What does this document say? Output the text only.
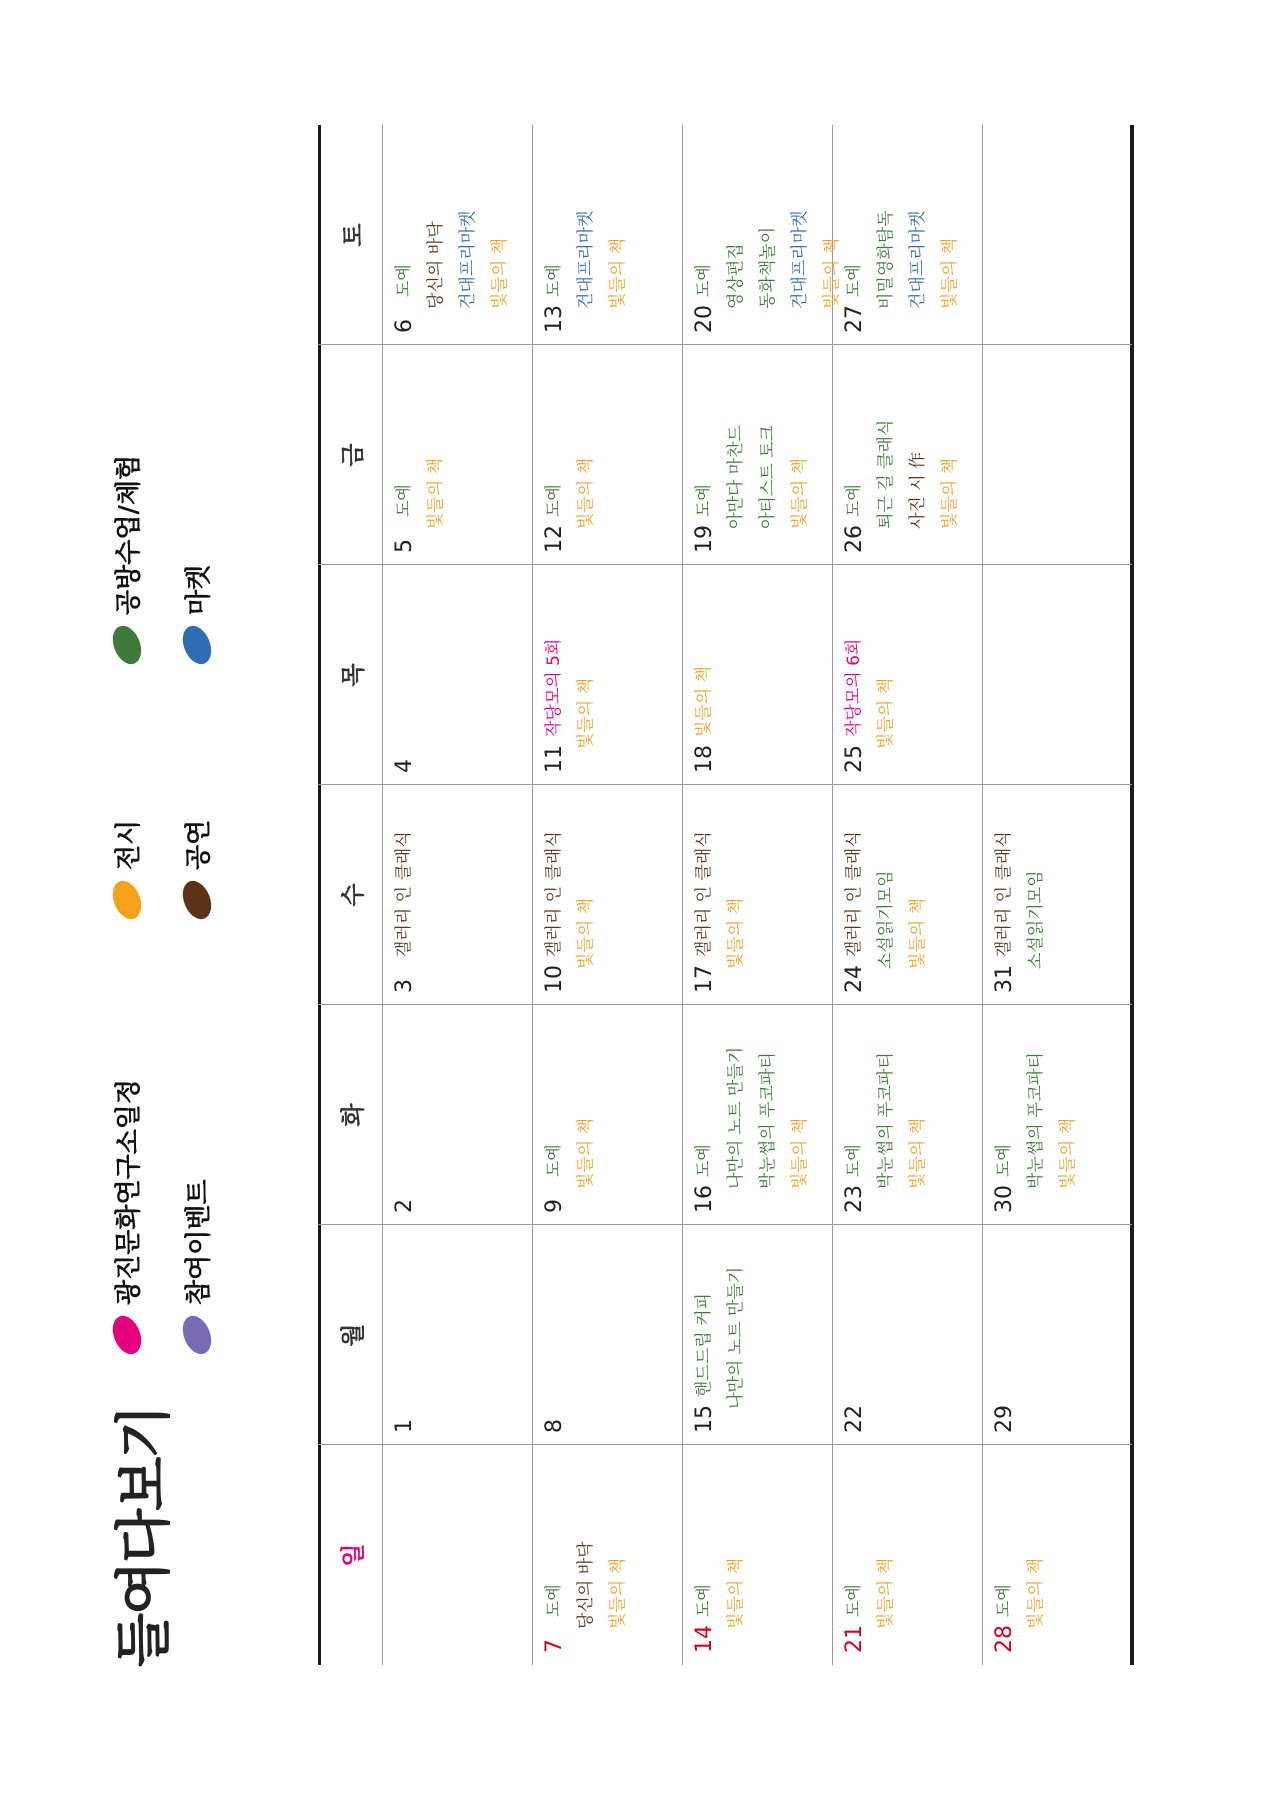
들여다보기
광진문화연구소일정
전시
공방수업/체험
참여이벤트
공연
마켓
일
월
화
수
목
금
토
1
2
3
갤러리 인 클래식
4
5
도예 빛들의 책
6
도예 당신의 바닥 건대프리마켓 빛들의 책
7
도예 당신의 바닥 빛들의 책
8
9
도예 빛들의 책
10
갤러리 인 클래식 빛들의 책
11
작당모의 5회 빛들의 책
12
도예 빛들의 책
13
도예 건대프리마켓 빛들의 책
14
도예 빛들의 책
15
핸드드립 커피 나만의 노트 만들기
16
도예 나만의 노트 만들기 박눈썹의 푸코파티 빛들의 책
17
갤러리 인 클래식 빛들의 책
18
빛들의 책
19
도예 아만다 마찬드 아티스트 토크 빛들의 책
20
도예 영상편집 동화책놀이 건대프리마켓 빛들의 책
21
도예 빛들의 책
22
23
도예 박눈썹의 푸코파티 빛들의 책
24
갤러리 인 클래식 소설읽기모임 빛들의 책
25
작당모의 6회 빛들의 책
26
도예 퇴근 길 클래식 사진 시 作 빛들의 책
27
도예 비밀영화탐독 건대프리마켓 빛들의 책
28
도예 빛들의 책
29
30
도예 박눈썹의 푸코파티 빛들의 책
31
갤러리 인 클래식 소설읽기모임
